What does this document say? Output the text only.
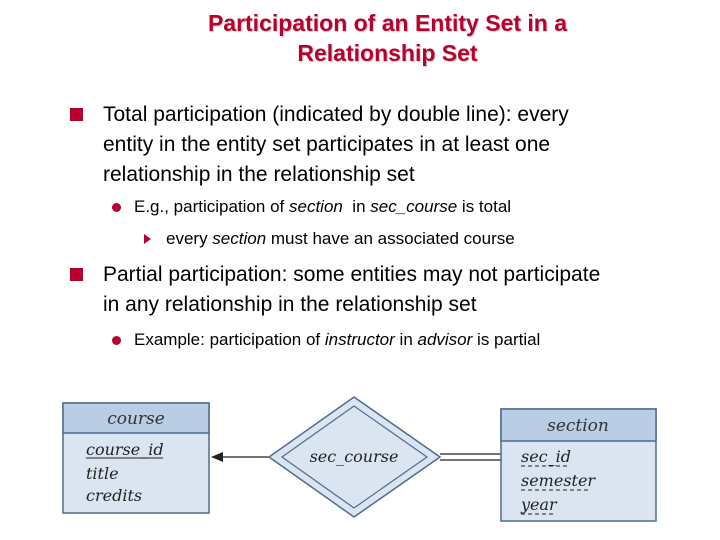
Participation of an Entity Set in a
Relationship Set
Total participation (indicated by double line): every
entity in the entity set participates in at least one
relationship in the relationship set
E.g., participation of section  in sec_course is total
every section must have an associated course
Partial participation: some entities may not participate
in any relationship in the relationship set
Example: participation of instructor in advisor is partial
course
course_id
title
credits
sec_course
section
sec_id
semester
year
